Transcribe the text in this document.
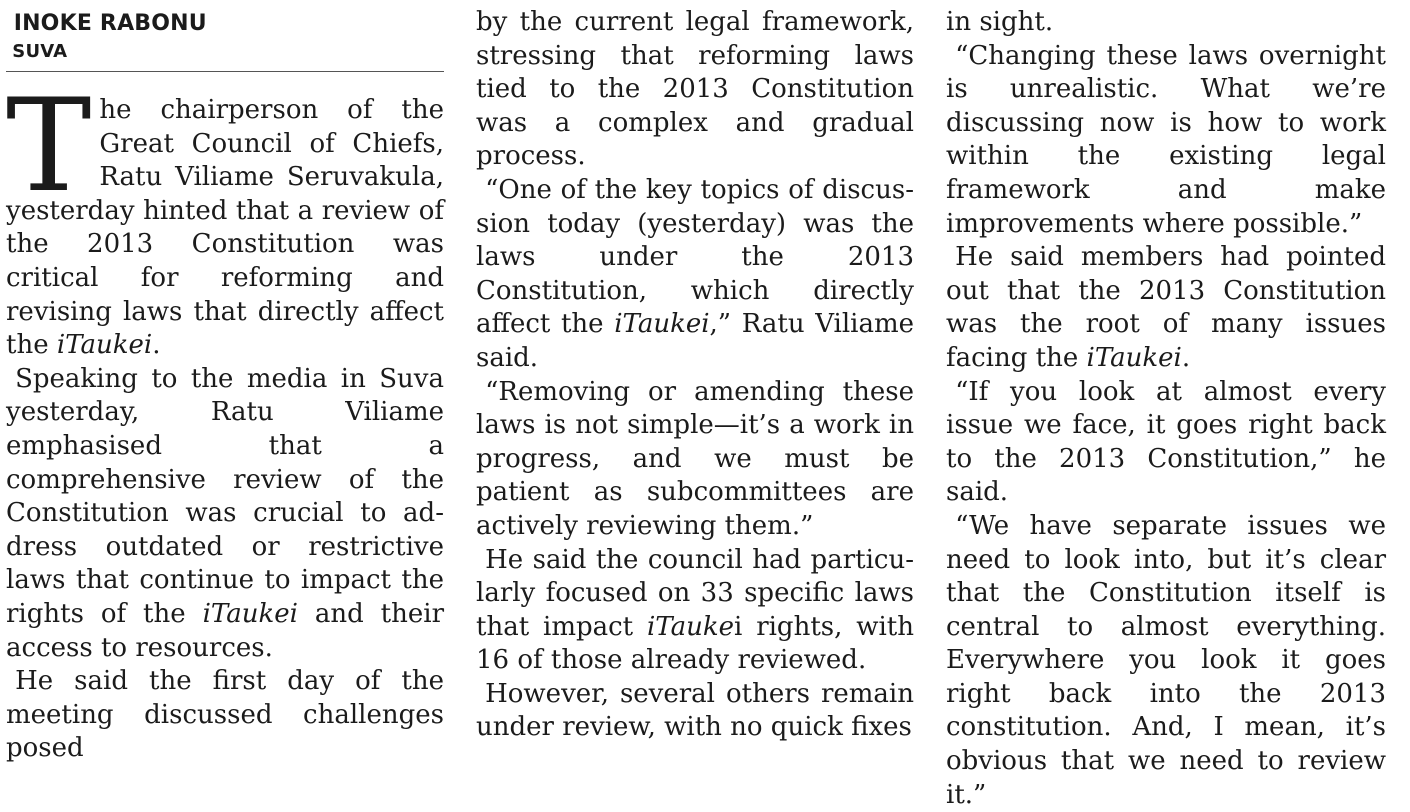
INOKE RABONU

SUVA

The chairperson of the Great Council of Chiefs, Ratu Viliame Seruvakula, yesterday hinted that a review of the 2013 Constitution was critical for reforming and revising laws that directly affect the iTaukei.

Speaking to the media in Suva yesterday, Ratu Viliame emphasised that a comprehensive review of the Constitution was crucial to address outdated or restrictive laws that continue to impact the rights of the iTaukei and their access to resources.

He said the first day of the meeting discussed challenges posed

by the current legal framework, stressing that reforming laws tied to the 2013 Constitution was a complex and gradual process.

“One of the key topics of discussion today (yesterday) was the laws under the 2013 Constitution, which directly affect the iTaukei,” Ratu Viliame said.

“Removing or amending these laws is not simple—it’s a work in progress, and we must be patient as subcommittees are actively reviewing them.”

He said the council had particularly focused on 33 specific laws that impact iTaukei rights, with 16 of those already reviewed.

However, several others remain under review, with no quick fixes

in sight.

“Changing these laws overnight is unrealistic. What we’re discussing now is how to work within the existing legal framework and make improvements where possible.”

He said members had pointed out that the 2013 Constitution was the root of many issues facing the iTaukei.

“If you look at almost every issue we face, it goes right back to the 2013 Constitution,” he said.

“We have separate issues we need to look into, but it’s clear that the Constitution itself is central to almost everything. Everywhere you look it goes right back into the 2013 constitution. And, I mean, it’s obvious that we need to review it.”
